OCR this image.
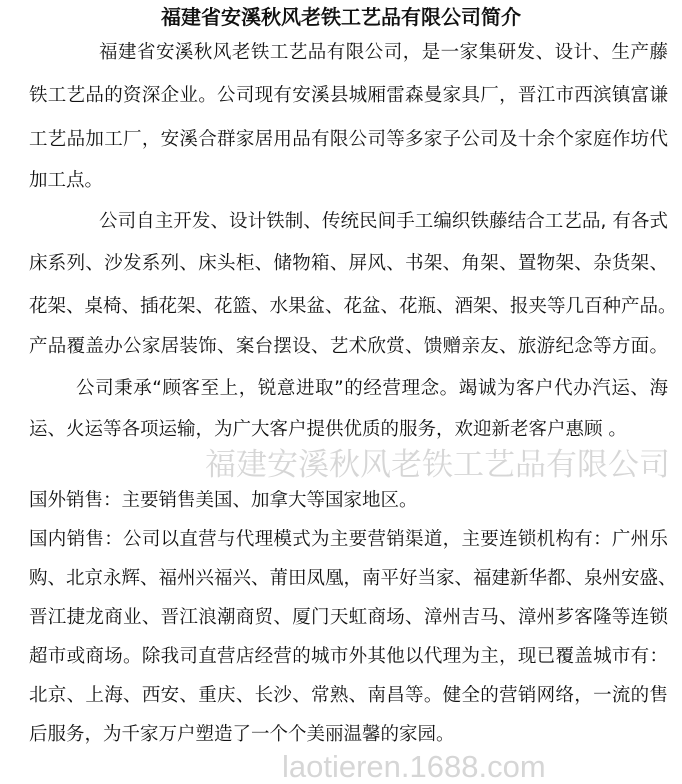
福建省安溪秋风老铁工艺品有限公司简介
福建省安溪秋风老铁工艺品有限公司，是一家集研发、设计、生产藤
铁工艺品的资深企业。公司现有安溪县城厢雷森曼家具厂，晋江市西滨镇富谦
工艺品加工厂，安溪合群家居用品有限公司等多家子公司及十余个家庭作坊代
加工点。
公司自主开发、设计铁制、传统民间手工编织铁藤结合工艺品, 有各式
床系列、沙发系列、床头柜、储物箱、屏风、书架、角架、置物架、杂货架、
花架、桌椅、插花架、花篮、水果盆、花盆、花瓶、酒架、报夹等几百种产品。
产品覆盖办公家居装饰、案台摆设、艺术欣赏、馈赠亲友、旅游纪念等方面。
公司秉承“顾客至上，锐意进取”的经营理念。竭诚为客户代办汽运、海
运、火运等各项运输，为广大客户提供优质的服务，欢迎新老客户惠顾 。
福建安溪秋风老铁工艺品有限公司
国外销售：主要销售美国、加拿大等国家地区。
国内销售：公司以直营与代理模式为主要营销渠道，主要连锁机构有：广州乐
购、北京永辉、福州兴福兴、莆田凤凰，南平好当家、福建新华都、泉州安盛、
晋江捷龙商业、晋江浪潮商贸、厦门天虹商场、漳州吉马、漳州芗客隆等连锁
超市或商场。除我司直营店经营的城市外其他以代理为主，现已覆盖城市有：
北京、上海、西安、重庆、长沙、常熟、南昌等。健全的营销网络，一流的售
后服务，为千家万户塑造了一个个美丽温馨的家园。
laotieren.1688.com
